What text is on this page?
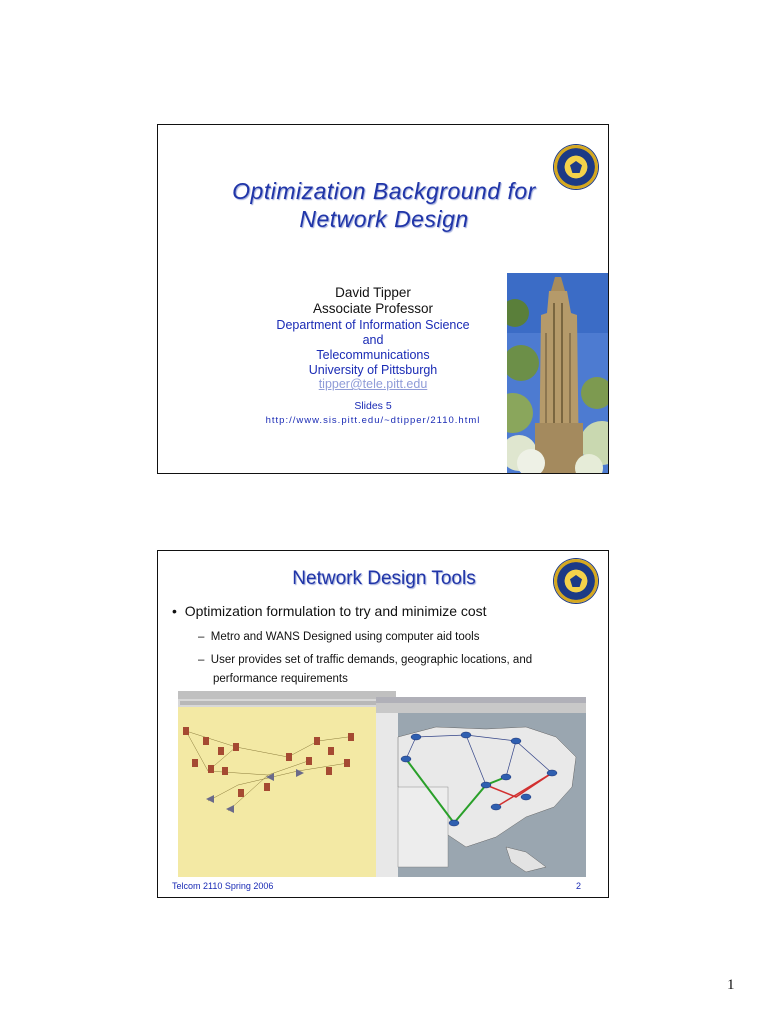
Optimization Background for
Network Design
David Tipper
Associate Professor
Department of Information Science
and
Telecommunications
University of Pittsburgh
tipper@tele.pitt.edu
Slides 5
http://www.sis.pitt.edu/~dtipper/2110.html
Network Design Tools
•  Optimization formulation to try and minimize cost
–  Metro and WANS Designed using computer aid tools
–  User provides set of traffic demands, geographic locations, and
performance requirements
Telcom 2110 Spring 2006	2
1
